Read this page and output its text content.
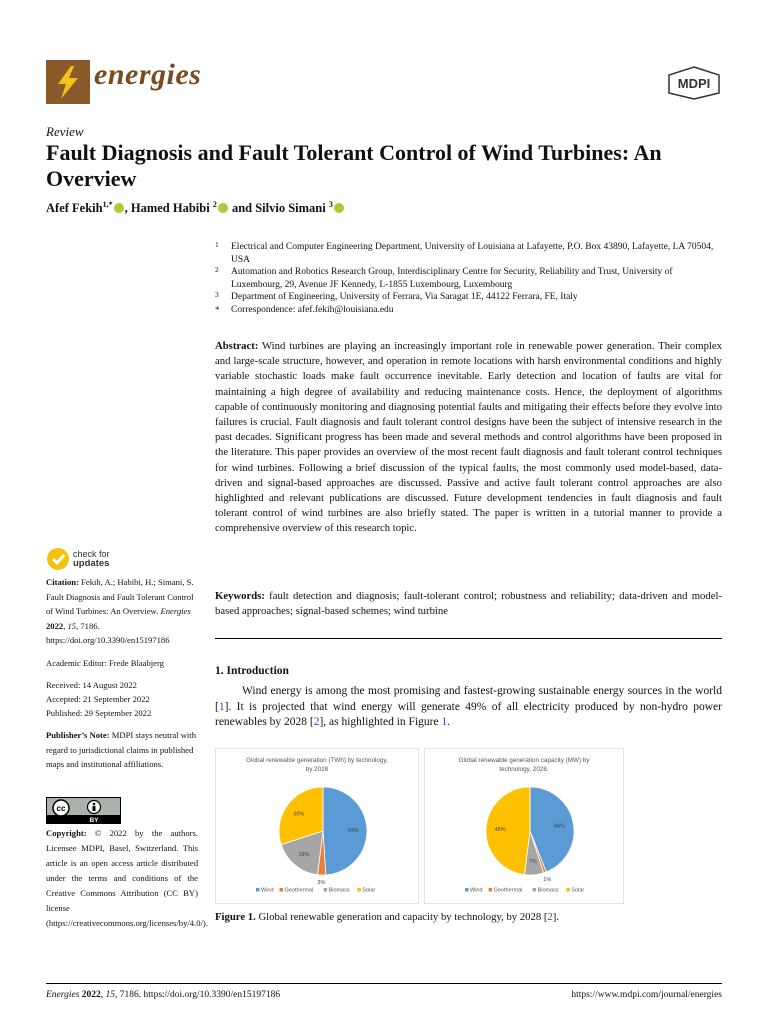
energies	MDPI
Review
Fault Diagnosis and Fault Tolerant Control of Wind Turbines: An Overview
Afef Fekih$^{1,*}$ , Hamed Habibi $^2$ and Silvio Simani $^3$
1 Electrical and Computer Engineering Department, University of Louisiana at Lafayette, P.O. Box 43890, Lafayette, LA 70504, USA
2 Automation and Robotics Research Group, Interdisciplinary Centre for Security, Reliability and Trust, University of Luxembourg, 29, Avenue JF Kennedy, L-1855 Luxembourg, Luxembourg
3 Department of Engineering, University of Ferrara, Via Saragat 1E, 44122 Ferrara, FE, Italy
* Correspondence: afef.fekih@louisiana.edu
Abstract: Wind turbines are playing an increasingly important role in renewable power generation. Their complex and large-scale structure, however, and operation in remote locations with harsh environmental conditions and highly variable stochastic loads make fault occurrence inevitable. Early detection and location of faults are vital for maintaining a high degree of availability and reducing maintenance costs. Hence, the deployment of algorithms capable of continuously monitoring and diagnosing potential faults and mitigating their effects before they evolve into failures is crucial. Fault diagnosis and fault tolerant control designs have been the subject of intensive research in the past decades. Significant progress has been made and several methods and control algorithms have been proposed in the literature. This paper provides an overview of the most recent fault diagnosis and fault tolerant control techniques for wind turbines. Following a brief discussion of the typical faults, the most commonly used model-based, data-driven and signal-based approaches are discussed. Passive and active fault tolerant control approaches are also highlighted and relevant publications are discussed. Future development tendencies in fault diagnosis and fault tolerant control of wind turbines are also briefly stated. The paper is written in a tutorial manner to provide a comprehensive overview of this research topic.
Keywords: fault detection and diagnosis; fault-tolerant control; robustness and reliability; data-driven and model-based approaches; signal-based schemes; wind turbine
1. Introduction
Wind energy is among the most promising and fastest-growing sustainable energy sources in the world [1]. It is projected that wind energy will generate 49% of all electricity produced by non-hydro power renewables by 2028 [2], as highlighted in Figure 1.
Global renewable generation (TWh) by technology,
by 2028
49%
3%
18%
30%
Wind Geothermal	Biomass Solar
Global renewable generation capacity (MW) by
technology, 2028.
44%
1%
7%
48%
Wind Geothermal	Biomass Solar
Figure 1. Global renewable generation and capacity by technology, by 2028 [2].
check for
updates

Citation: Fekih, A.; Habibi, H.; Simani, S. Fault Diagnosis and Fault Tolerant Control of Wind Turbines: An Overview. Energies 2022, 15, 7186. https://doi.org/10.3390/en15197186

Academic Editor: Frede Blaabjerg

Received: 14 August 2022
Accepted: 21 September 2022
Published: 29 September 2022

Publisher’s Note: MDPI stays neutral with regard to jurisdictional claims in published maps and institutional affiliations.

cc
BY
Copyright: © 2022 by the authors. Licensee MDPI, Basel, Switzerland. This article is an open access article distributed under the terms and conditions of the Creative Commons Attribution (CC BY) license (https://creativecommons.org/licenses/by/4.0/).
Energies 2022, 15, 7186. https://doi.org/10.3390/en15197186	https://www.mdpi.com/journal/energies
